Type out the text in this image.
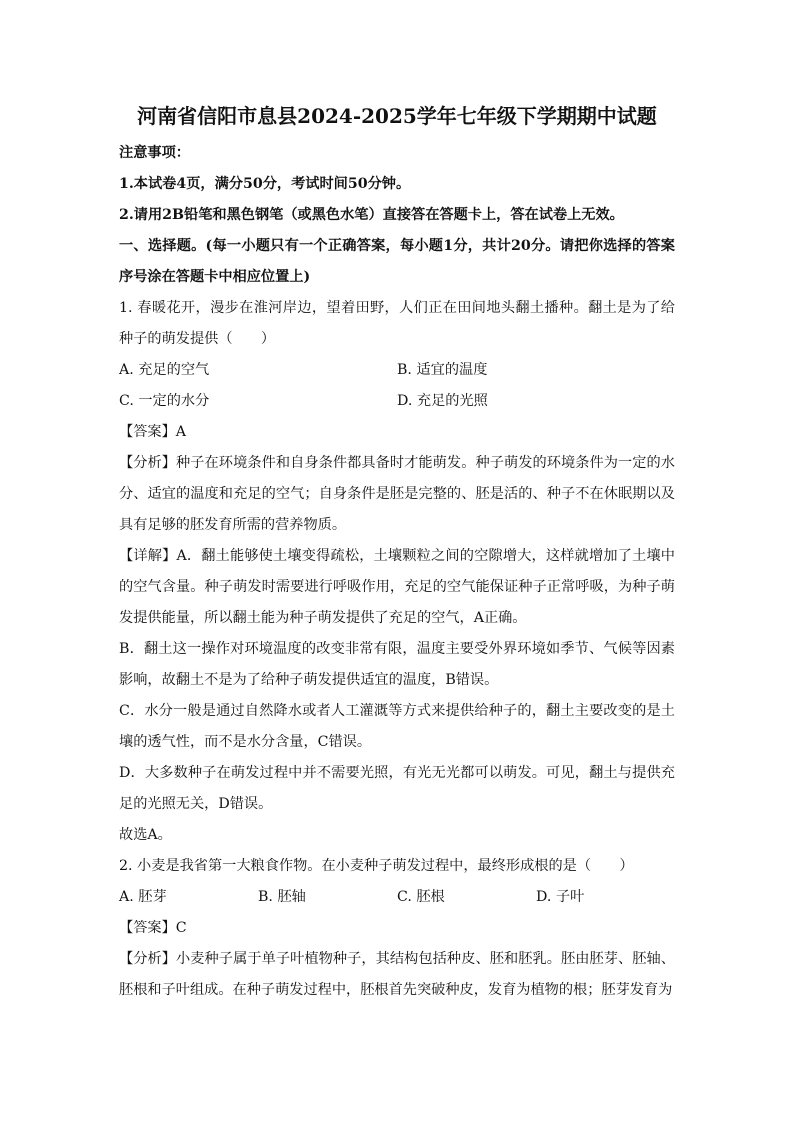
河南省信阳市息县2024-2025学年七年级下学期期中试题

注意事项：

1.本试卷4页，满分50分，考试时间50分钟。

2.请用2B铅笔和黑色钢笔（或黑色水笔）直接答在答题卡上，答在试卷上无效。

一、选择题。(每一小题只有一个正确答案，每小题1分，共计20分。请把你选择的答案序号涂在答题卡中相应位置上)

1. 春暖花开，漫步在淮河岸边，望着田野，人们正在田间地头翻土播种。翻土是为了给种子的萌发提供（　　）

A. 充足的空气	B. 适宜的温度
C. 一定的水分	D. 充足的光照

【答案】A

【分析】种子在环境条件和自身条件都具备时才能萌发。种子萌发的环境条件为一定的水分、适宜的温度和充足的空气；自身条件是胚是完整的、胚是活的、种子不在休眠期以及具有足够的胚发育所需的营养物质。

【详解】A．翻土能够使土壤变得疏松，土壤颗粒之间的空隙增大，这样就增加了土壤中的空气含量。种子萌发时需要进行呼吸作用，充足的空气能保证种子正常呼吸，为种子萌发提供能量，所以翻土能为种子萌发提供了充足的空气，A正确。

B．翻土这一操作对环境温度的改变非常有限，温度主要受外界环境如季节、气候等因素影响，故翻土不是为了给种子萌发提供适宜的温度，B错误。

C．水分一般是通过自然降水或者人工灌溉等方式来提供给种子的，翻土主要改变的是土壤的透气性，而不是水分含量，C错误。

D．大多数种子在萌发过程中并不需要光照，有光无光都可以萌发。可见，翻土与提供充足的光照无关，D错误。

故选A。

2. 小麦是我省第一大粮食作物。在小麦种子萌发过程中，最终形成根的是（　　）

A. 胚芽	B. 胚轴	C. 胚根	D. 子叶

【答案】C

【分析】小麦种子属于单子叶植物种子，其结构包括种皮、胚和胚乳。胚由胚芽、胚轴、胚根和子叶组成。在种子萌发过程中，胚根首先突破种皮，发育为植物的根；胚芽发育为
